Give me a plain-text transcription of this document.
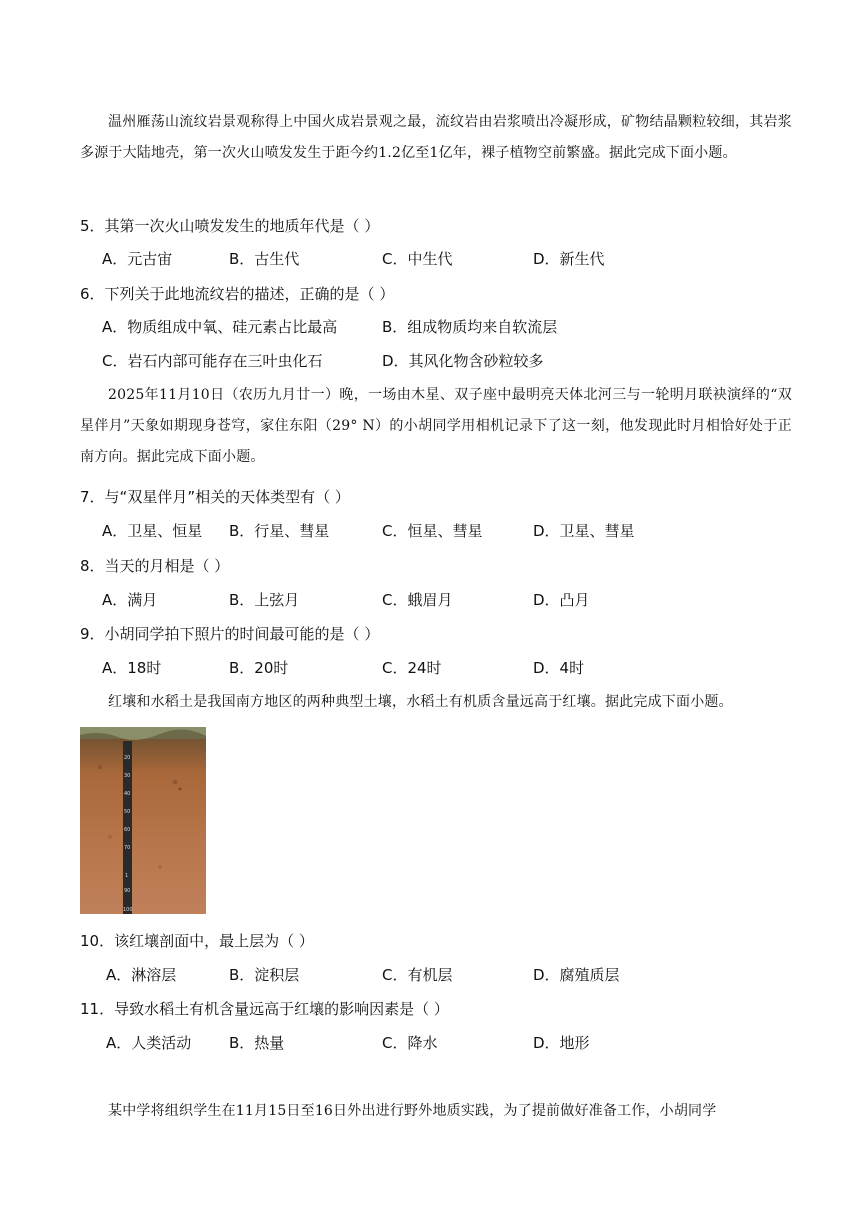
温州雁荡山流纹岩景观称得上中国火成岩景观之最，流纹岩由岩浆喷出冷凝形成，矿物结晶颗粒较细，其岩浆多源于大陆地壳，第一次火山喷发发生于距今约1.2亿至1亿年，裸子植物空前繁盛。据此完成下面小题。

5．其第一次火山喷发发生的地质年代是（ ）
A．元古宙	B．古生代	C．中生代	D．新生代
6．下列关于此地流纹岩的描述，正确的是（ ）
A．物质组成中氧、硅元素占比最高	B．组成物质均来自软流层
C．岩石内部可能存在三叶虫化石	D．其风化物含砂粒较多

2025年11月10日（农历九月廿一）晚，一场由木星、双子座中最明亮天体北河三与一轮明月联袂演绎的“双星伴月”天象如期现身苍穹，家住东阳（29° N）的小胡同学用相机记录下了这一刻，他发现此时月相恰好处于正南方向。据此完成下面小题。

7．与“双星伴月”相关的天体类型有（ ）
A．卫星、恒星 B．行星、彗星	C．恒星、彗星	D．卫星、彗星
8．当天的月相是（ ）
A．满月	B．上弦月	C．蛾眉月	D．凸月
9．小胡同学拍下照片的时间最可能的是（ ）
A．18时	B．20时	C．24时	D．4时

红壤和水稻土是我国南方地区的两种典型土壤，水稻土有机质含量远高于红壤。据此完成下面小题。

20
30
40
50
60
70
1
90
100
10．该红壤剖面中，最上层为（ ）
A．淋溶层	B．淀积层	C．有机层	D．腐殖质层
11．导致水稻土有机含量远高于红壤的影响因素是（ ）
A．人类活动	B．热量	C．降水	D．地形

某中学将组织学生在11月15日至16日外出进行野外地质实践，为了提前做好准备工作，小胡同学
